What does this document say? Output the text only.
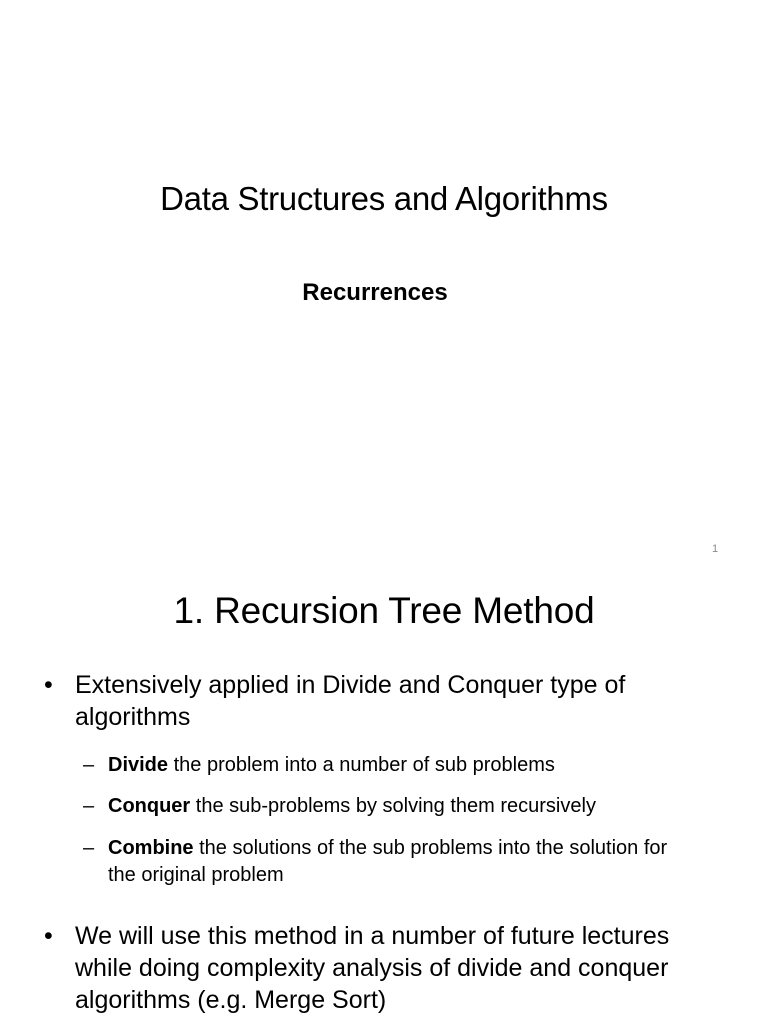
Data Structures and Algorithms
Recurrences
1
1. Recursion Tree Method
• Extensively applied in Divide and Conquer type of algorithms
– Divide the problem into a number of sub problems
– Conquer the sub-problems by solving them recursively
– Combine the solutions of the sub problems into the solution for the original problem
• We will use this method in a number of future lectures while doing complexity analysis of divide and conquer algorithms (e.g. Merge Sort)
